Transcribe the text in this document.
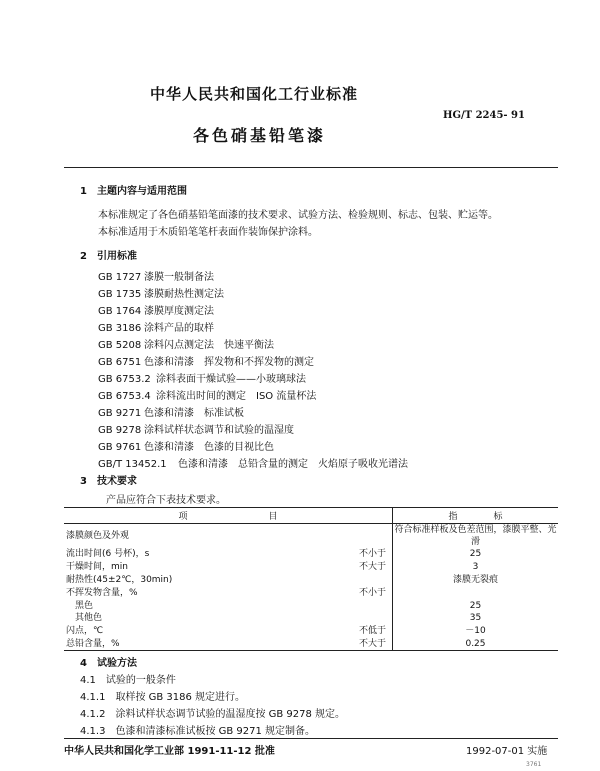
中华人民共和国化工行业标准
HG/T 2245- 91
各色硝基铅笔漆
1　主题内容与适用范围
本标准规定了各色硝基铅笔面漆的技术要求、试验方法、检验规则、标志、包装、贮运等。
本标准适用于木质铅笔笔杆表面作装饰保护涂料。
2　引用标准
GB 1727 漆膜一般制备法
GB 1735 漆膜耐热性测定法
GB 1764 漆膜厚度测定法
GB 3186 涂料产品的取样
GB 5208 涂料闪点测定法　快速平衡法
GB 6751 色漆和清漆　挥发物和不挥发物的测定
GB 6753.2 涂料表面干燥试验——小玻璃球法
GB 6753.4 涂料流出时间的测定　ISO 流量杯法
GB 9271 色漆和清漆　标准试板
GB 9278 涂料试样状态调节和试验的温湿度
GB 9761 色漆和清漆　色漆的目视比色
GB/T 13452.1 色漆和清漆　总铅含量的测定　火焰原子吸收光谱法
3　技术要求
产品应符合下表技术要求。
项　　　　　　　　　目		指　　　　标
漆膜颜色及外观		符合标准样板及色差范围，漆膜平整、光滑
流出时间(6 号杯)，s	不小于	25
干燥时间，min	不大于	3
耐热性(45±2℃，30min)		漆膜无裂痕
不挥发物含量，%	不小于	
　黑色		25
　其他色		35
闪点，℃	不低于	－10
总铅含量，%	不大于	0.25
4　试验方法
4.1　试验的一般条件
4.1.1　取样按 GB 3186 规定进行。
4.1.2　涂料试样状态调节试验的温湿度按 GB 9278 规定。
4.1.3　色漆和清漆标准试板按 GB 9271 规定制备。
中华人民共和国化学工业部 1991-11-12 批准	1992-07-01 实施
3761
